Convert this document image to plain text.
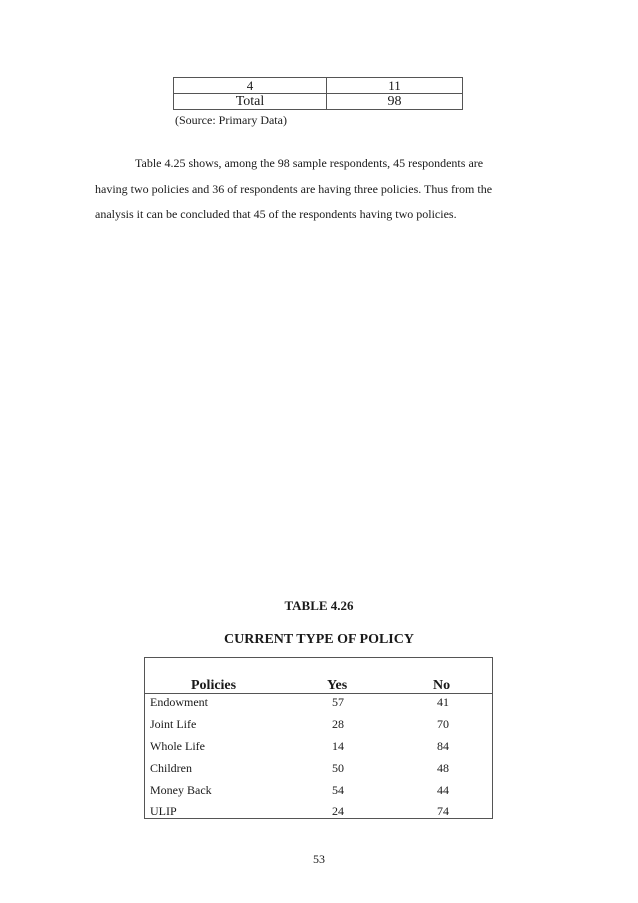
4	11
Total	98
(Source: Primary Data)

Table 4.25 shows, among the 98 sample respondents, 45 respondents are

having two policies and 36 of respondents are having three policies. Thus from the

analysis it can be concluded that 45 of the respondents having two policies.

TABLE 4.26
CURRENT TYPE OF POLICY
Policies	Yes	No
Endowment	57	41
Joint Life	28	70
Whole Life	14	84
Children	50	48
Money Back	54	44
ULIP	24	74
53
